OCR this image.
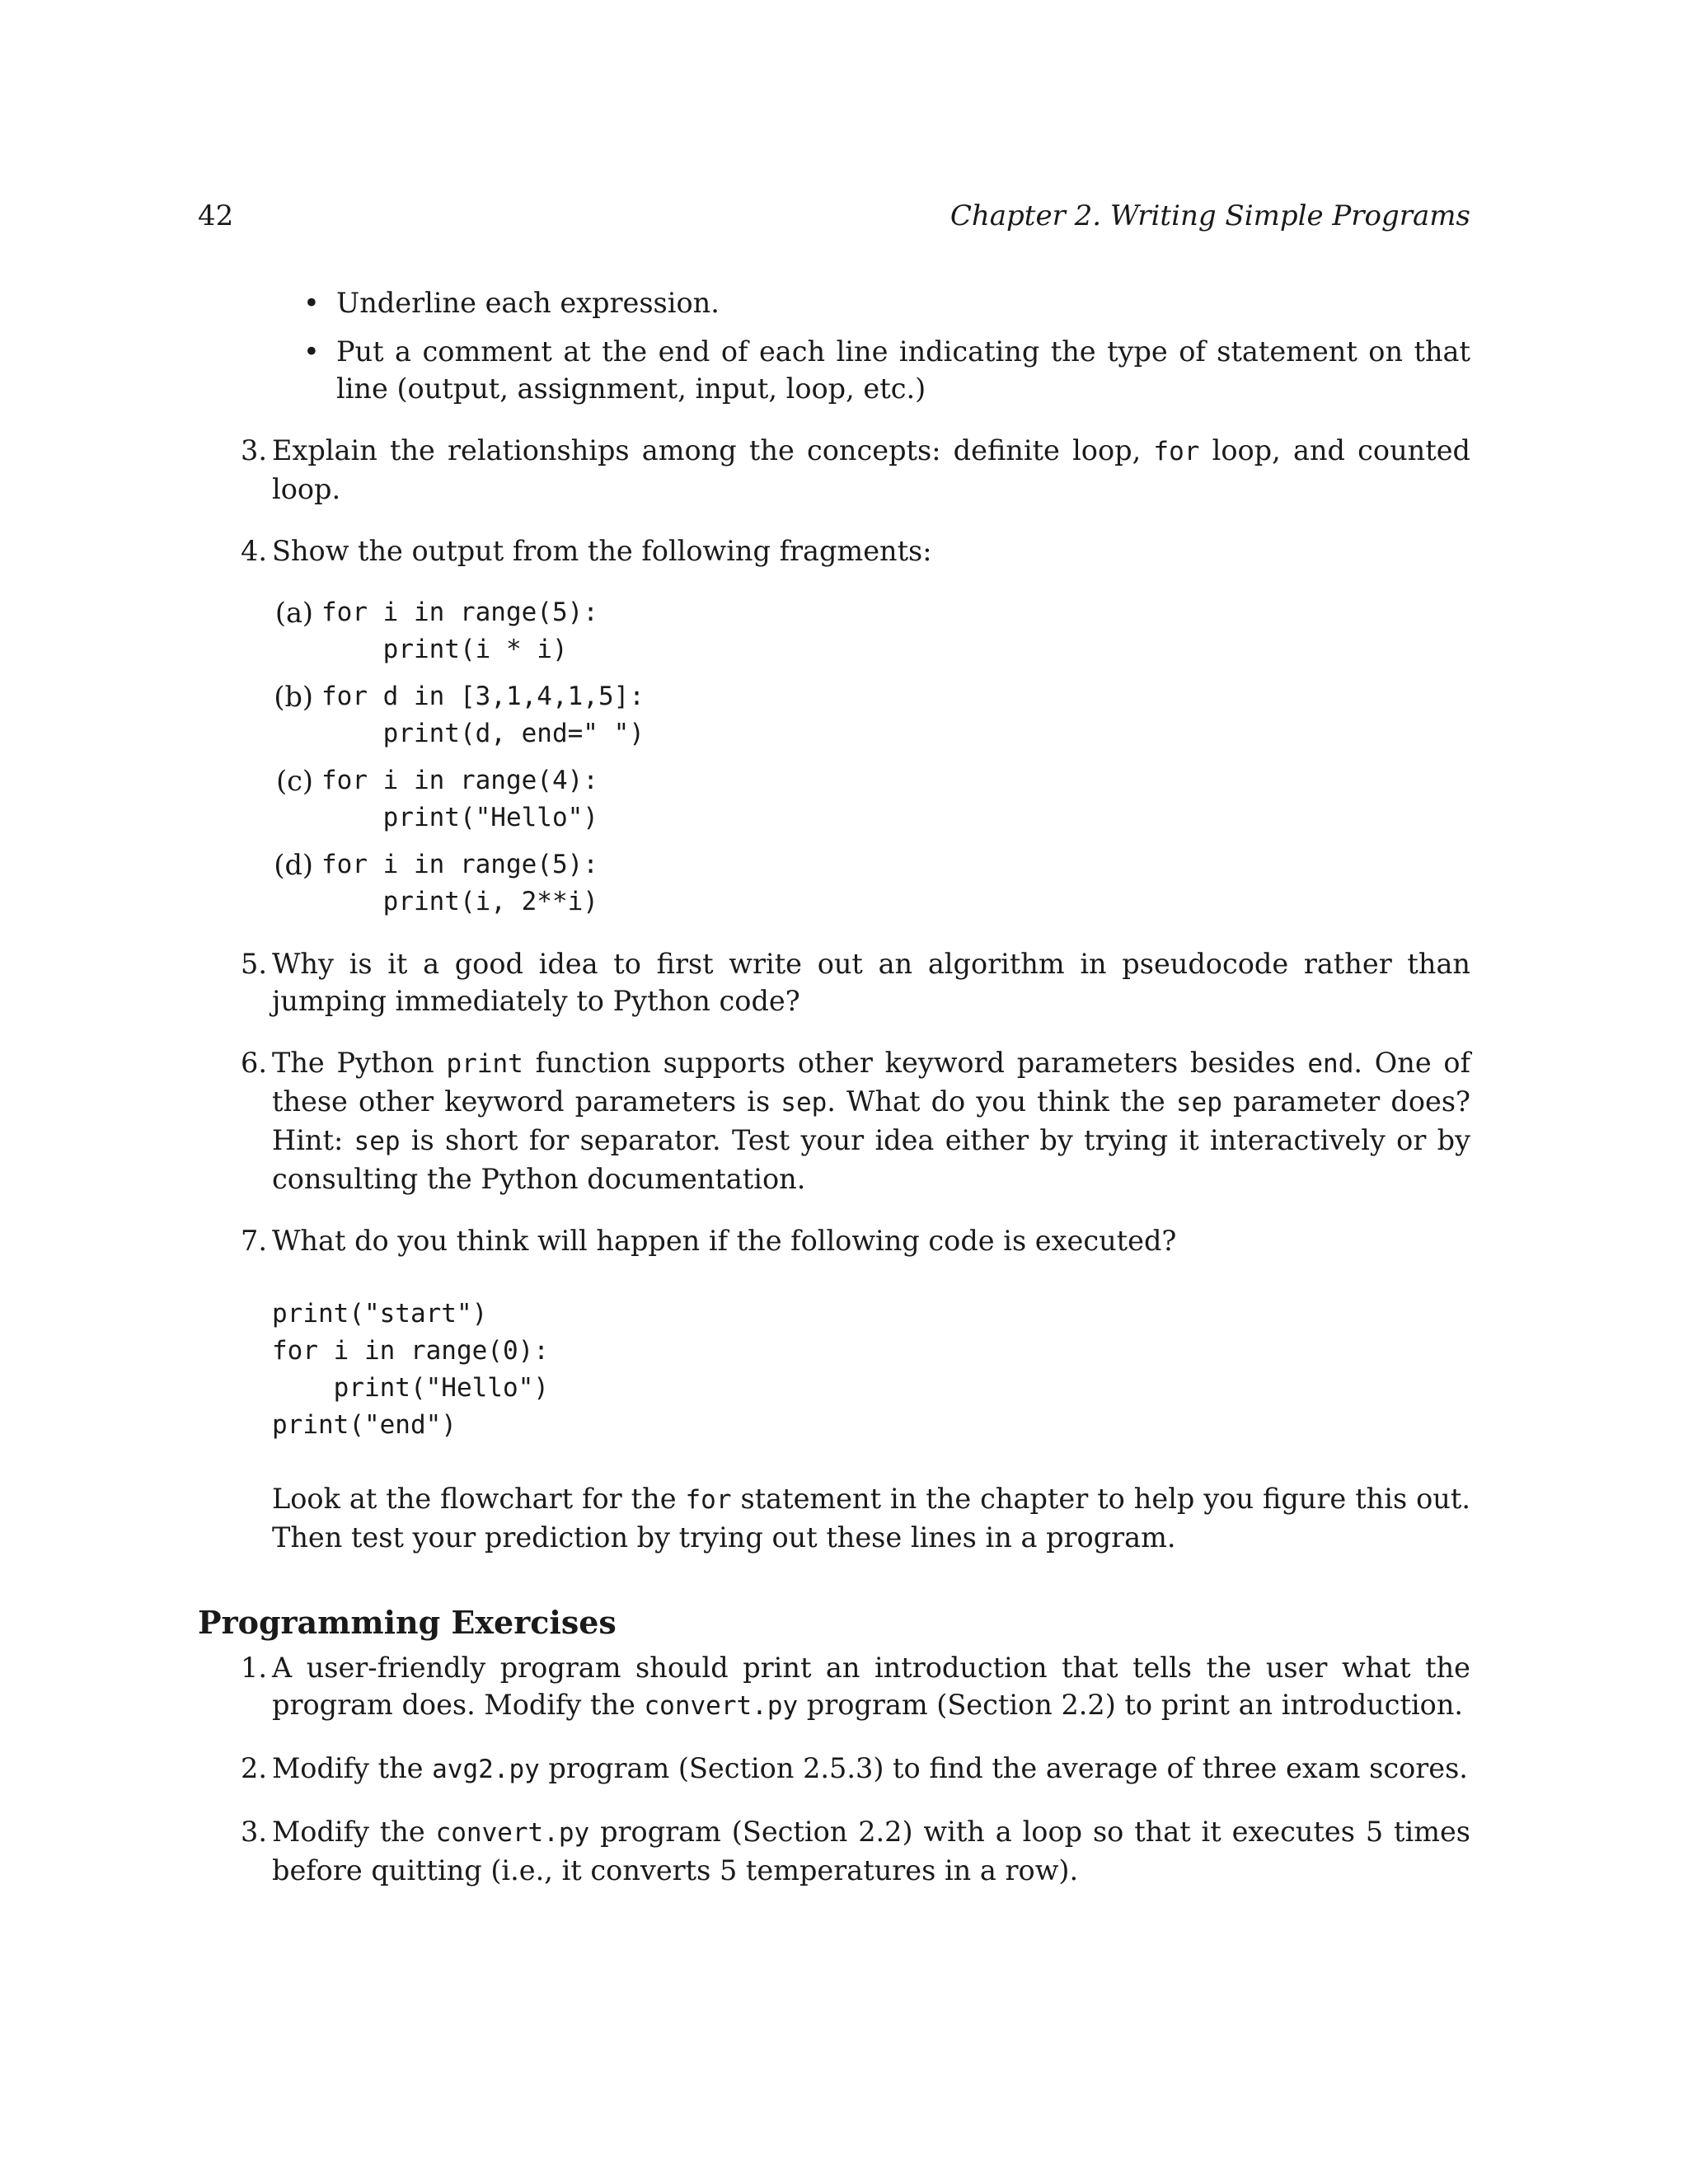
42	Chapter 2. Writing Simple Programs
• Underline each expression.
• Put a comment at the end of each line indicating the type of statement on that line (output, assignment, input, loop, etc.)
3. Explain the relationships among the concepts: definite loop, for loop, and counted loop.
4. Show the output from the following fragments:
(a) for i in range(5):
print(i * i)
(b) for d in [3,1,4,1,5]:
print(d, end=" ")
(c) for i in range(4):
print("Hello")
(d) for i in range(5):
print(i, 2**i)
5. Why is it a good idea to first write out an algorithm in pseudocode rather than jumping immediately to Python code?
6. The Python print function supports other keyword parameters besides end. One of these other keyword parameters is sep. What do you think the sep parameter does? Hint: sep is short for separator. Test your idea either by trying it interactively or by consulting the Python documentation.
7. What do you think will happen if the following code is executed?
print("start")
for i in range(0):
print("Hello")
print("end")

Look at the flowchart for the for statement in the chapter to help you figure this out. Then test your prediction by trying out these lines in a program.

Programming Exercises
1. A user-friendly program should print an introduction that tells the user what the program does. Modify the convert.py program (Section 2.2) to print an introduction.
2. Modify the avg2.py program (Section 2.5.3) to find the average of three exam scores.
3. Modify the convert.py program (Section 2.2) with a loop so that it executes 5 times before quitting (i.e., it converts 5 temperatures in a row).
